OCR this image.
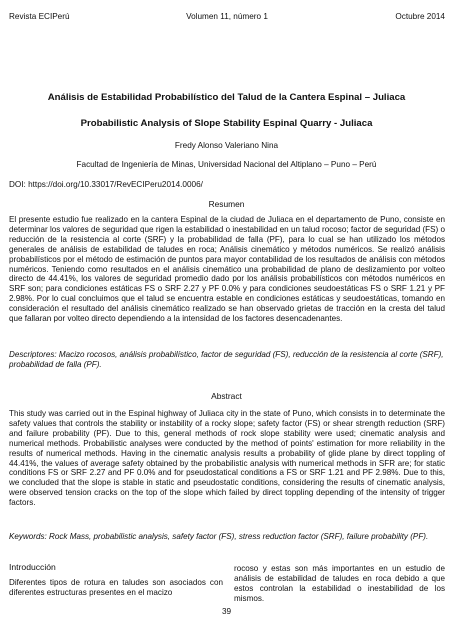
Revista ECIPerú	Volumen 11, número 1	Octubre 2014
Análisis de Estabilidad Probabilístico del Talud de la Cantera Espinal – Juliaca
Probabilistic Analysis of Slope Stability Espinal Quarry - Juliaca
Fredy Alonso Valeriano Nina
Facultad de Ingeniería de Minas, Universidad Nacional del Altiplano – Puno – Perú
DOI: https://doi.org/10.33017/RevECIPeru2014.0006/
Resumen

El presente estudio fue realizado en la cantera Espinal de la ciudad de Juliaca en el departamento de Puno, consiste en determinar los valores de seguridad que rigen la estabilidad o inestabilidad en un talud rocoso; factor de seguridad (FS) o reducción de la resistencia al corte (SRF) y la probabilidad de falla (PF), para lo cual se han utilizado los métodos generales de análisis de estabilidad de taludes en roca; Análisis cinemático y métodos numéricos. Se realizó análisis probabilísticos por el método de estimación de puntos para mayor contabilidad de los resultados de análisis con métodos numéricos. Teniendo como resultados en el análisis cinemático una probabilidad de plano de deslizamiento por volteo directo de 44.41%, los valores de seguridad promedio dado por los análisis probabilísticos con métodos numéricos en SRF son; para condiciones estáticas FS o SRF 2.27 y PF 0.0% y para condiciones seudoestáticas FS o SRF 1.21 y PF 2.98%. Por lo cual concluimos que el talud se encuentra estable en condiciones estáticas y seudoestáticas, tomando en consideración el resultado del análisis cinemático realizado se han observado grietas de tracción en la cresta del talud que fallaran por volteo directo dependiendo a la intensidad de los factores desencadenantes.

Descriptores: Macizo rocosos, análisis probabilístico, factor de seguridad (FS), reducción de la resistencia al corte (SRF), probabilidad de falla (PF).

Abstract

This study was carried out in the Espinal highway of Juliaca city in the state of Puno, which consists in to determinate the safety values that controls the stability or instability of a rocky slope; safety factor (FS) or shear strength reduction (SRF) and failure probability (PF). Due to this, general methods of rock slope stability were used; cinematic analysis and numerical methods. Probabilistic analyses were conducted by the method of points' estimation for more reliability in the results of numerical methods. Having in the cinematic analysis results a probability of glide plane by direct toppling of 44.41%, the values of average safety obtained by the probabilistic analysis with numerical methods in SFR are; for static conditions FS or SRF 2.27 and PF 0.0% and for pseudostatical conditions a FS or SRF 1.21 and PF 2.98%. Due to this, we concluded that the slope is stable in static and pseudostatic conditions, considering the results of cinematic analysis, were observed tension cracks on the top of the slope which failed by direct toppling depending of the intensity of trigger factors.

Keywords: Rock Mass, probabilistic analysis, safety factor (FS), stress reduction factor (SRF), failure probability (PF).

Introducción

Diferentes tipos de rotura en taludes son asociados con diferentes estructuras presentes en el macizo

rocoso y estas son más importantes en un estudio de análisis de estabilidad de taludes en roca debido a que estos controlan la estabilidad o inestabilidad de los mismos.

39
